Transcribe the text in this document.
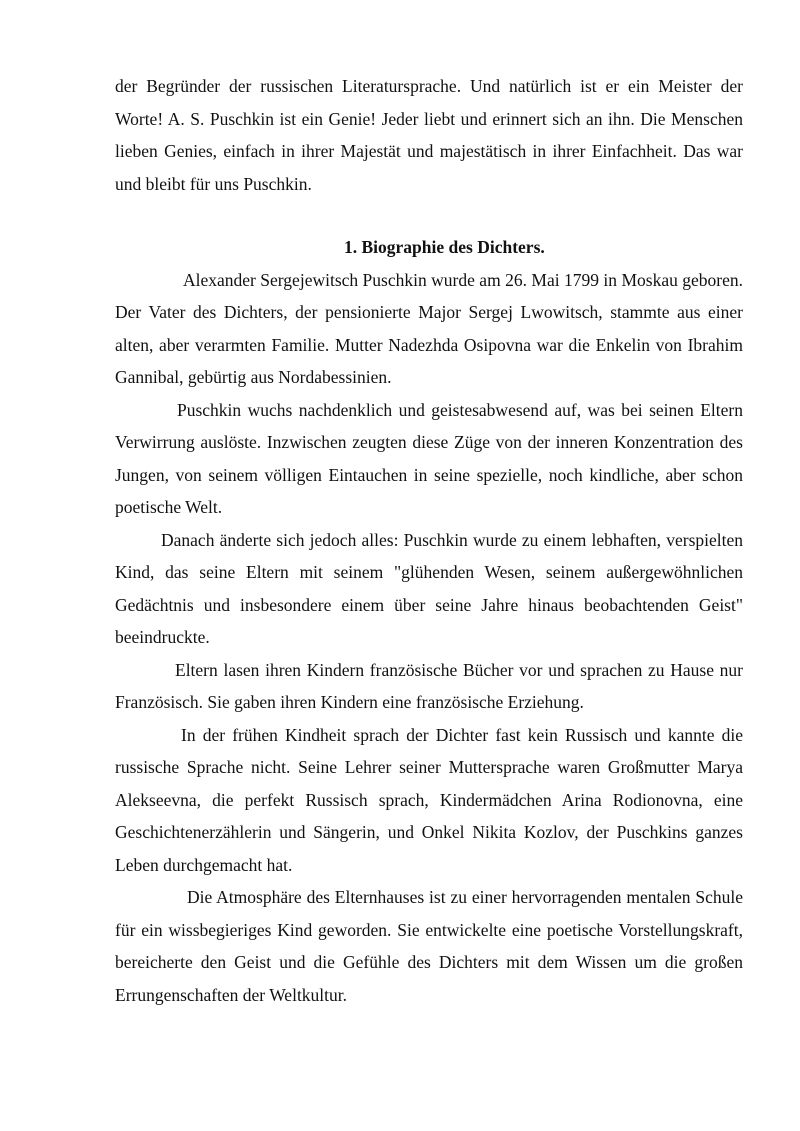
der Begründer der russischen Literatursprache. Und natürlich ist er ein Meister der Worte! A. S. Puschkin ist ein Genie! Jeder liebt und erinnert sich an ihn. Die Menschen lieben Genies, einfach in ihrer Majestät und majestätisch in ihrer Einfachheit. Das war und bleibt für uns Puschkin.

1. Biographie des Dichters.

Alexander Sergejewitsch Puschkin wurde am 26. Mai 1799 in Moskau geboren. Der Vater des Dichters, der pensionierte Major Sergej Lwowitsch, stammte aus einer alten, aber verarmten Familie. Mutter Nadezhda Osipovna war die Enkelin von Ibrahim Gannibal, gebürtig aus Nordabessinien.

Puschkin wuchs nachdenklich und geistesabwesend auf, was bei seinen Eltern Verwirrung auslöste. Inzwischen zeugten diese Züge von der inneren Konzentration des Jungen, von seinem völligen Eintauchen in seine spezielle, noch kindliche, aber schon poetische Welt.

Danach änderte sich jedoch alles: Puschkin wurde zu einem lebhaften, verspielten Kind, das seine Eltern mit seinem "glühenden Wesen, seinem außergewöhnlichen Gedächtnis und insbesondere einem über seine Jahre hinaus beobachtenden Geist" beeindruckte.

Eltern lasen ihren Kindern französische Bücher vor und sprachen zu Hause nur Französisch. Sie gaben ihren Kindern eine französische Erziehung.

In der frühen Kindheit sprach der Dichter fast kein Russisch und kannte die russische Sprache nicht. Seine Lehrer seiner Muttersprache waren Großmutter Marya Alekseevna, die perfekt Russisch sprach, Kindermädchen Arina Rodionovna, eine Geschichtenerzählerin und Sängerin, und Onkel Nikita Kozlov, der Puschkins ganzes Leben durchgemacht hat.

Die Atmosphäre des Elternhauses ist zu einer hervorragenden mentalen Schule für ein wissbegieriges Kind geworden. Sie entwickelte eine poetische Vorstellungskraft, bereicherte den Geist und die Gefühle des Dichters mit dem Wissen um die großen Errungenschaften der Weltkultur.
